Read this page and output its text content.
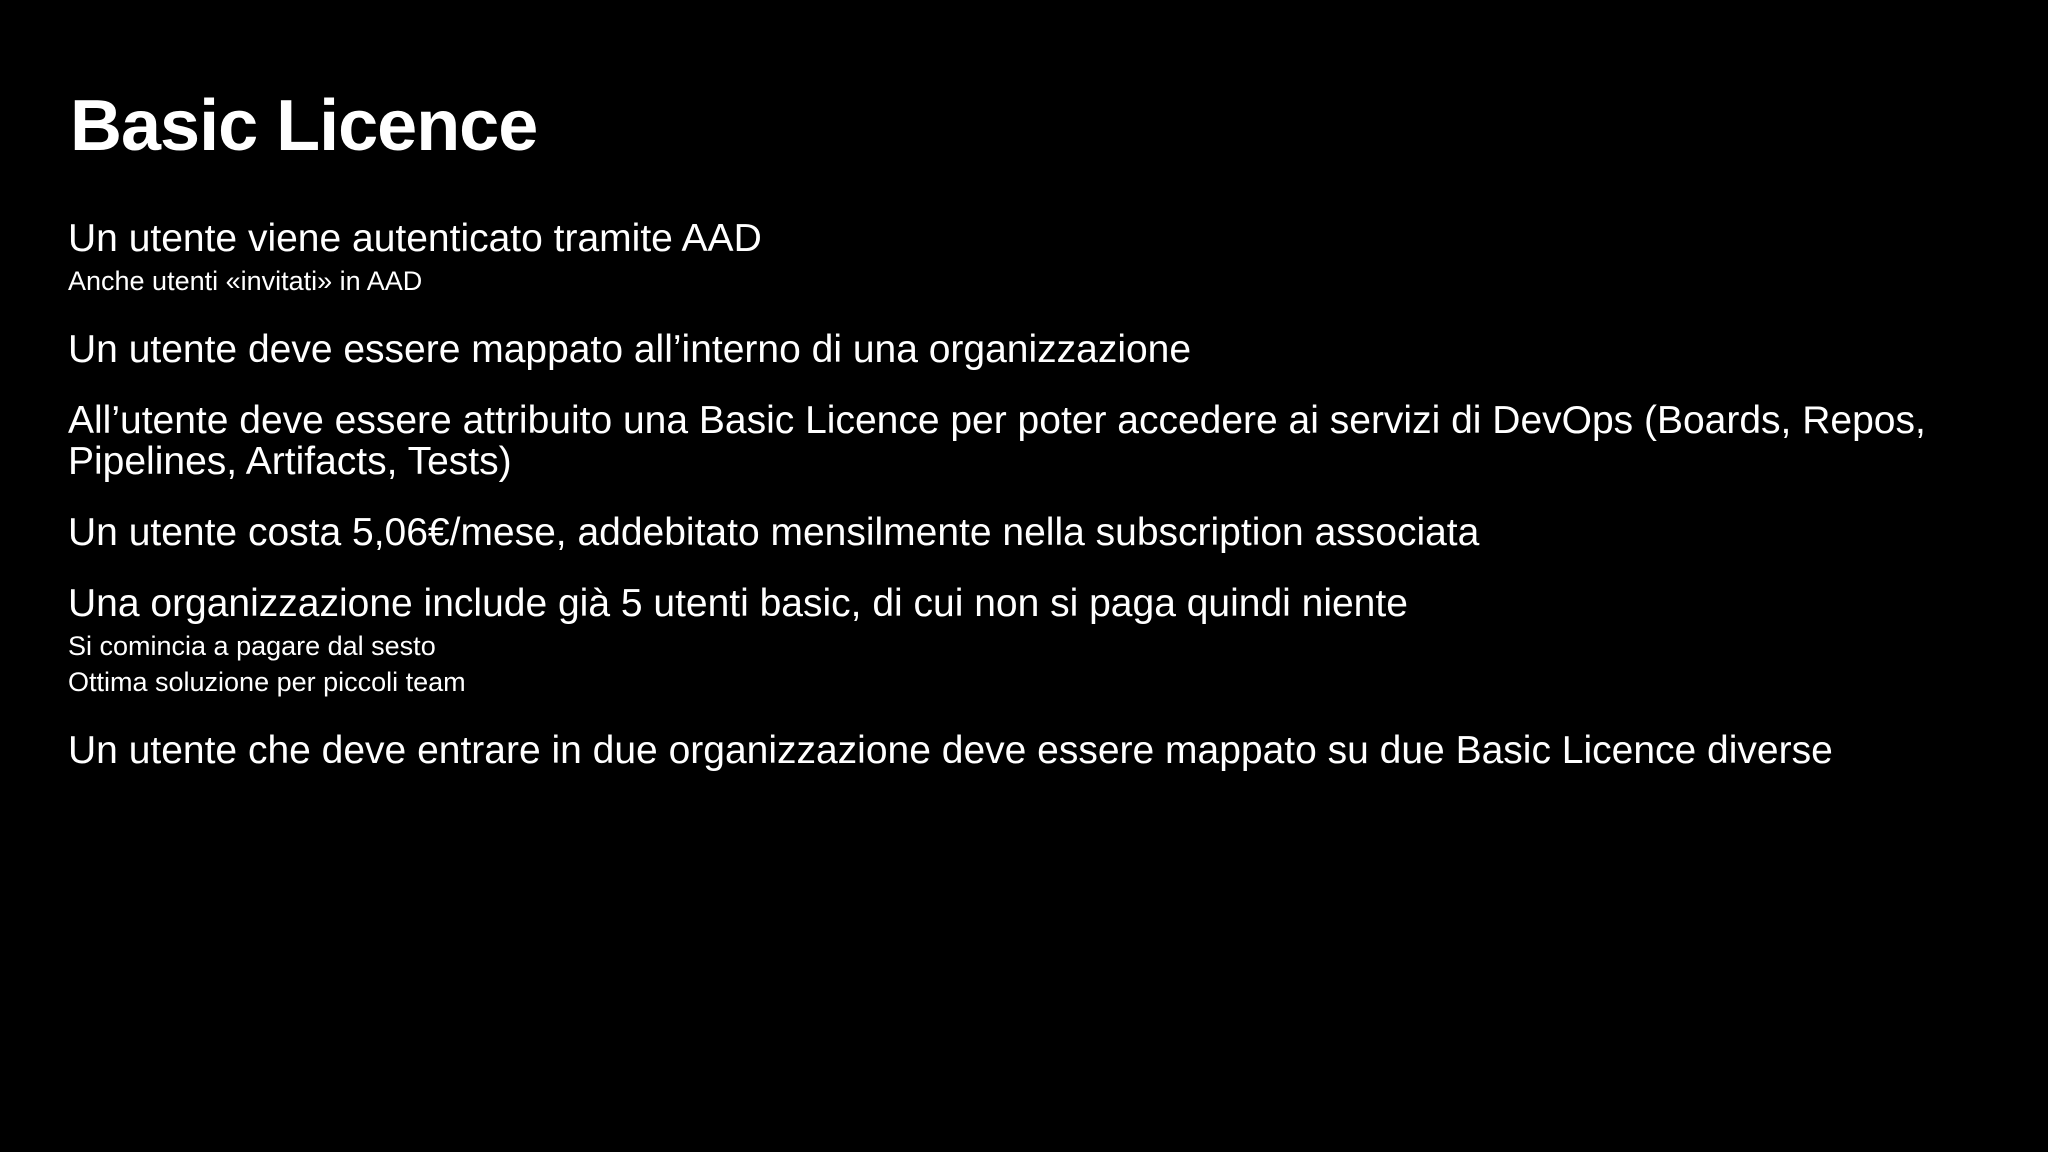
Basic Licence

Un utente viene autenticato tramite AAD

Anche utenti «invitati» in AAD

Un utente deve essere mappato all’interno di una organizzazione

All’utente deve essere attribuito una Basic Licence per poter accedere ai servizi di DevOps (Boards, Repos, Pipelines, Artifacts, Tests)

Un utente costa 5,06€/mese, addebitato mensilmente nella subscription associata

Una organizzazione include già 5 utenti basic, di cui non si paga quindi niente

Si comincia a pagare dal sesto
Ottima soluzione per piccoli team

Un utente che deve entrare in due organizzazione deve essere mappato su due Basic Licence diverse
